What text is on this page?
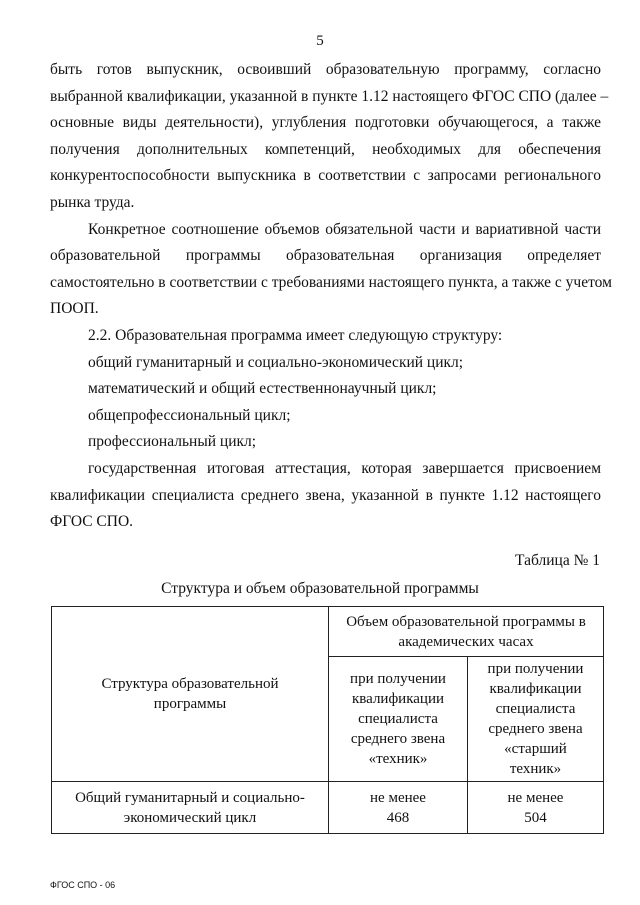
5
быть готов выпускник, освоивший образовательную программу, согласно
выбранной квалификации, указанной в пункте 1.12 настоящего ФГОС СПО (далее –
основные виды деятельности), углубления подготовки обучающегося, а также
получения дополнительных компетенций, необходимых для обеспечения
конкурентоспособности выпускника в соответствии с запросами регионального
рынка труда.
Конкретное соотношение объемов обязательной части и вариативной части
образовательной программы образовательная организация определяет
самостоятельно в соответствии с требованиями настоящего пункта, а также с учетом
ПООП.
2.2. Образовательная программа имеет следующую структуру:
общий гуманитарный и социально-экономический цикл;
математический и общий естественнонаучный цикл;
общепрофессиональный цикл;
профессиональный цикл;
государственная итоговая аттестация, которая завершается присвоением
квалификации специалиста среднего звена, указанной в пункте 1.12 настоящего
ФГОС СПО.
Таблица № 1
Структура и объем образовательной программы
Структура образовательной программы	Объем образовательной программы в академических часах	

	при получении квалификации специалиста среднего звена «техник»	при получении квалификации специалиста среднего звена «старший техник»

Общий гуманитарный и социально-экономический цикл	не менее 468	не менее 504
ФГОС СПО - 06
